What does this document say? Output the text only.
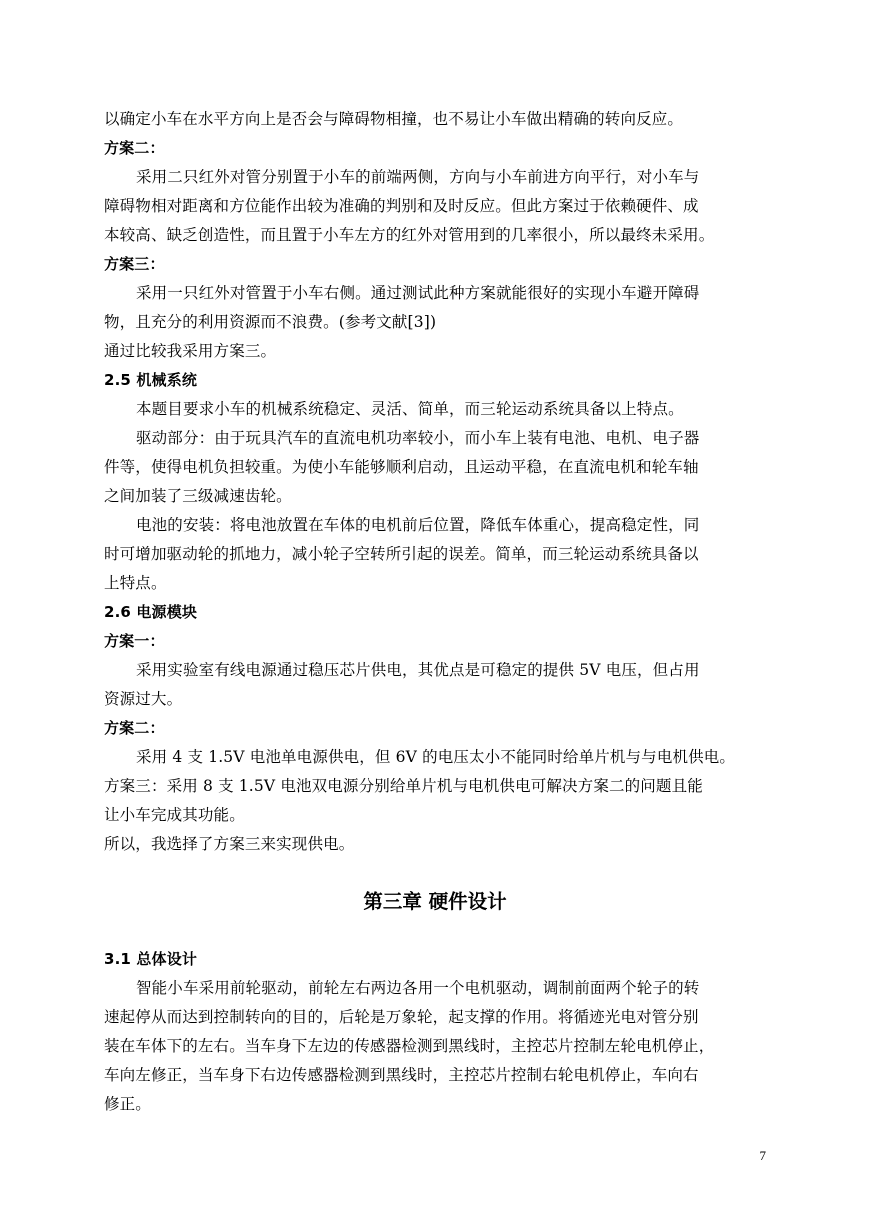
以确定小车在水平方向上是否会与障碍物相撞，也不易让小车做出精确的转向反应。
方案二：
采用二只红外对管分别置于小车的前端两侧，方向与小车前进方向平行，对小车与
障碍物相对距离和方位能作出较为准确的判别和及时反应。但此方案过于依赖硬件、成
本较高、缺乏创造性，而且置于小车左方的红外对管用到的几率很小，所以最终未采用。
方案三：
采用一只红外对管置于小车右侧。通过测试此种方案就能很好的实现小车避开障碍
物，且充分的利用资源而不浪费。(参考文献[3])
通过比较我采用方案三。
2.5 机械系统
本题目要求小车的机械系统稳定、灵活、简单，而三轮运动系统具备以上特点。
驱动部分：由于玩具汽车的直流电机功率较小，而小车上装有电池、电机、电子器
件等，使得电机负担较重。为使小车能够顺利启动，且运动平稳，在直流电机和轮车轴
之间加装了三级减速齿轮。
电池的安装：将电池放置在车体的电机前后位置，降低车体重心，提高稳定性，同
时可增加驱动轮的抓地力，减小轮子空转所引起的误差。简单，而三轮运动系统具备以
上特点。
2.6 电源模块
方案一：
采用实验室有线电源通过稳压芯片供电，其优点是可稳定的提供 5V 电压，但占用
资源过大。
方案二：
采用 4 支 1.5V 电池单电源供电，但 6V 的电压太小不能同时给单片机与与电机供电。
方案三：采用 8 支 1.5V 电池双电源分别给单片机与电机供电可解决方案二的问题且能
让小车完成其功能。
所以，我选择了方案三来实现供电。
第三章 硬件设计
3.1 总体设计
智能小车采用前轮驱动，前轮左右两边各用一个电机驱动，调制前面两个轮子的转
速起停从而达到控制转向的目的，后轮是万象轮，起支撑的作用。将循迹光电对管分别
装在车体下的左右。当车身下左边的传感器检测到黑线时，主控芯片控制左轮电机停止，
车向左修正，当车身下右边传感器检测到黑线时，主控芯片控制右轮电机停止，车向右
修正。
7
